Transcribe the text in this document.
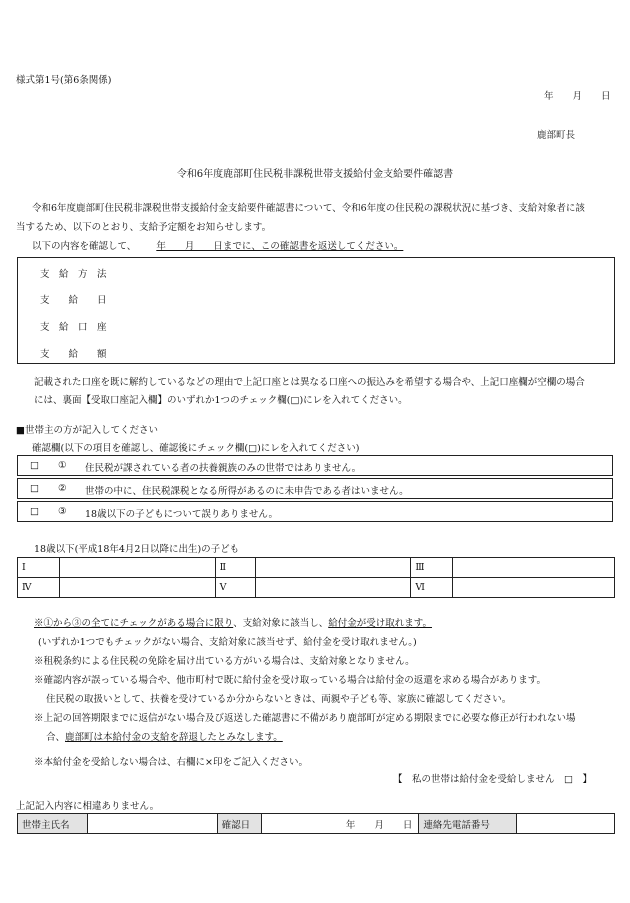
様式第1号(第6条関係)
年　　月　　日
鹿部町長
令和6年度鹿部町住民税非課税世帯支援給付金支給要件確認書
令和6年度鹿部町住民税非課税世帯支援給付金支給要件確認書について、令和6年度の住民税の課税状況に基づき、支給対象者に該
当するため、以下のとおり、支給予定額をお知らせします。
以下の内容を確認して、 年　　月　　日までに、この確認書を返送してください。
支　給　方　法
支　　給　　日
支　給　口　座
支　　給　　額
記載された口座を既に解約しているなどの理由で上記口座とは異なる口座への振込みを希望する場合や、上記口座欄が空欄の場合
には、裏面【受取口座記入欄】のいずれか1つのチェック欄(□)にレを入れてください。
■世帯主の方が記入してください
確認欄(以下の項目を確認し、確認後にチェック欄(□)にレを入れてください)
□ ① 住民税が課されている者の扶養親族のみの世帯ではありません。
□ ② 世帯の中に、住民税課税となる所得があるのに未申告である者はいません。
□ ③ 18歳以下の子どもについて誤りありません。
18歳以下(平成18年4月2日以降に出生)の子ども
Ⅰ		Ⅱ		Ⅲ	
Ⅳ		Ⅴ		Ⅵ	
※①から③の全てにチェックがある場合に限り、支給対象に該当し、給付金が受け取れます。
(いずれか1つでもチェックがない場合、支給対象に該当せず、給付金を受け取れません。)
※租税条約による住民税の免除を届け出ている方がいる場合は、支給対象となりません。
※確認内容が誤っている場合や、他市町村で既に給付金を受け取っている場合は給付金の返還を求める場合があります。
住民税の取扱いとして、扶養を受けているか分からないときは、両親や子ども等、家族に確認してください。
※上記の回答期限までに返信がない場合及び返送した確認書に不備があり鹿部町が定める期限までに必要な修正が行われない場
合、鹿部町は本給付金の支給を辞退したとみなします。
※本給付金を受給しない場合は、右欄に×印をご記入ください。
【　私の世帯は給付金を受給しません　□　】
上記記入内容に相違ありません。
世帯主氏名		確認日	年　　月　　日	連絡先電話番号	
